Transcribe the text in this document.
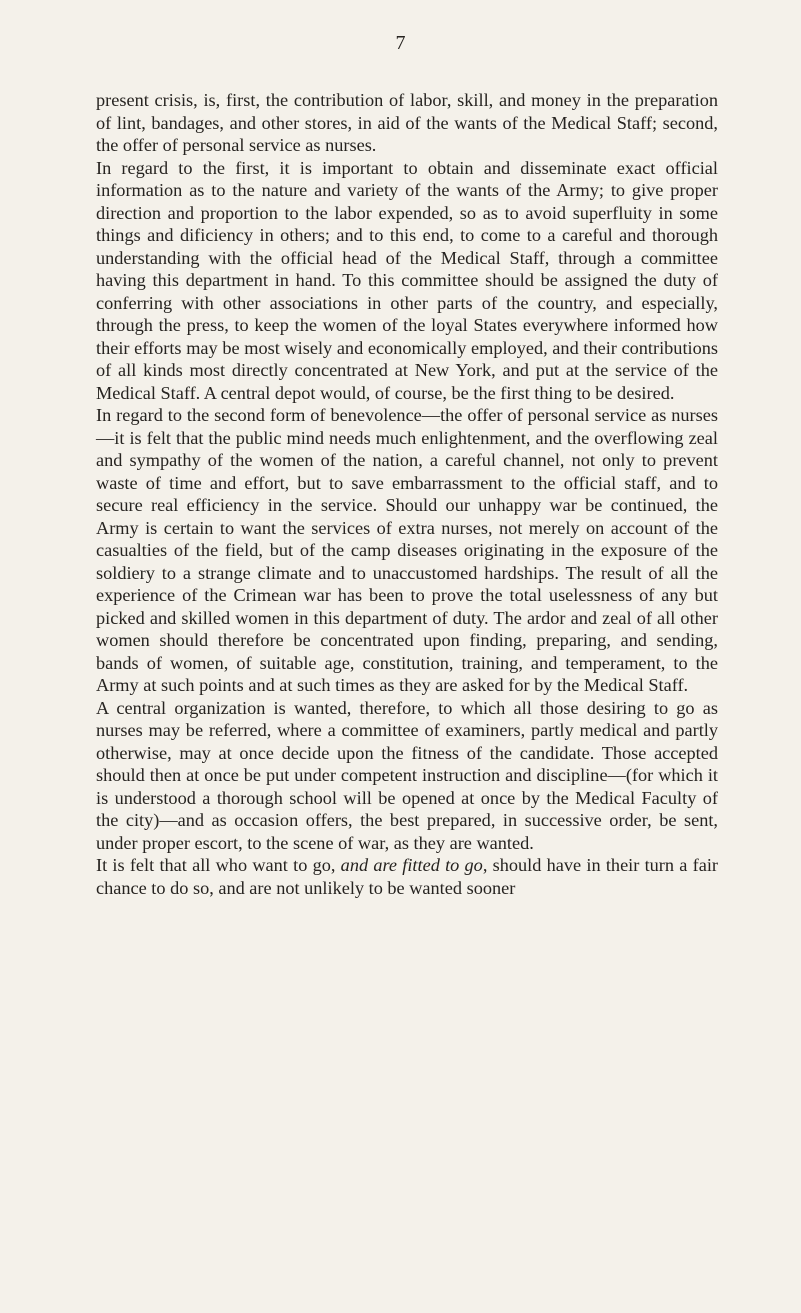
7

present crisis, is, first, the contribution of labor, skill, and money in the preparation of lint, bandages, and other stores, in aid of the wants of the Medical Staff; second, the offer of personal service as nurses.

In regard to the first, it is important to obtain and disseminate exact official information as to the nature and variety of the wants of the Army; to give proper direction and proportion to the labor expended, so as to avoid superfluity in some things and dificiency in others; and to this end, to come to a careful and thorough understanding with the official head of the Medical Staff, through a committee having this department in hand. To this committee should be assigned the duty of conferring with other associations in other parts of the country, and especially, through the press, to keep the women of the loyal States everywhere informed how their efforts may be most wisely and economically employed, and their contributions of all kinds most directly concentrated at New York, and put at the service of the Medical Staff. A central depot would, of course, be the first thing to be desired.

In regard to the second form of benevolence—the offer of personal service as nurses—it is felt that the public mind needs much enlightenment, and the overflowing zeal and sympathy of the women of the nation, a careful channel, not only to prevent waste of time and effort, but to save embarrassment to the official staff, and to secure real efficiency in the service. Should our unhappy war be continued, the Army is certain to want the services of extra nurses, not merely on account of the casualties of the field, but of the camp diseases originating in the exposure of the soldiery to a strange climate and to unaccustomed hardships. The result of all the experience of the Crimean war has been to prove the total uselessness of any but picked and skilled women in this department of duty. The ardor and zeal of all other women should therefore be concentrated upon finding, preparing, and sending, bands of women, of suitable age, constitution, training, and temperament, to the Army at such points and at such times as they are asked for by the Medical Staff.

A central organization is wanted, therefore, to which all those desiring to go as nurses may be referred, where a committee of examiners, partly medical and partly otherwise, may at once decide upon the fitness of the candidate. Those accepted should then at once be put under competent instruction and discipline—(for which it is understood a thorough school will be opened at once by the Medical Faculty of the city)—and as occasion offers, the best prepared, in successive order, be sent, under proper escort, to the scene of war, as they are wanted.

It is felt that all who want to go, and are fitted to go, should have in their turn a fair chance to do so, and are not unlikely to be wanted sooner
